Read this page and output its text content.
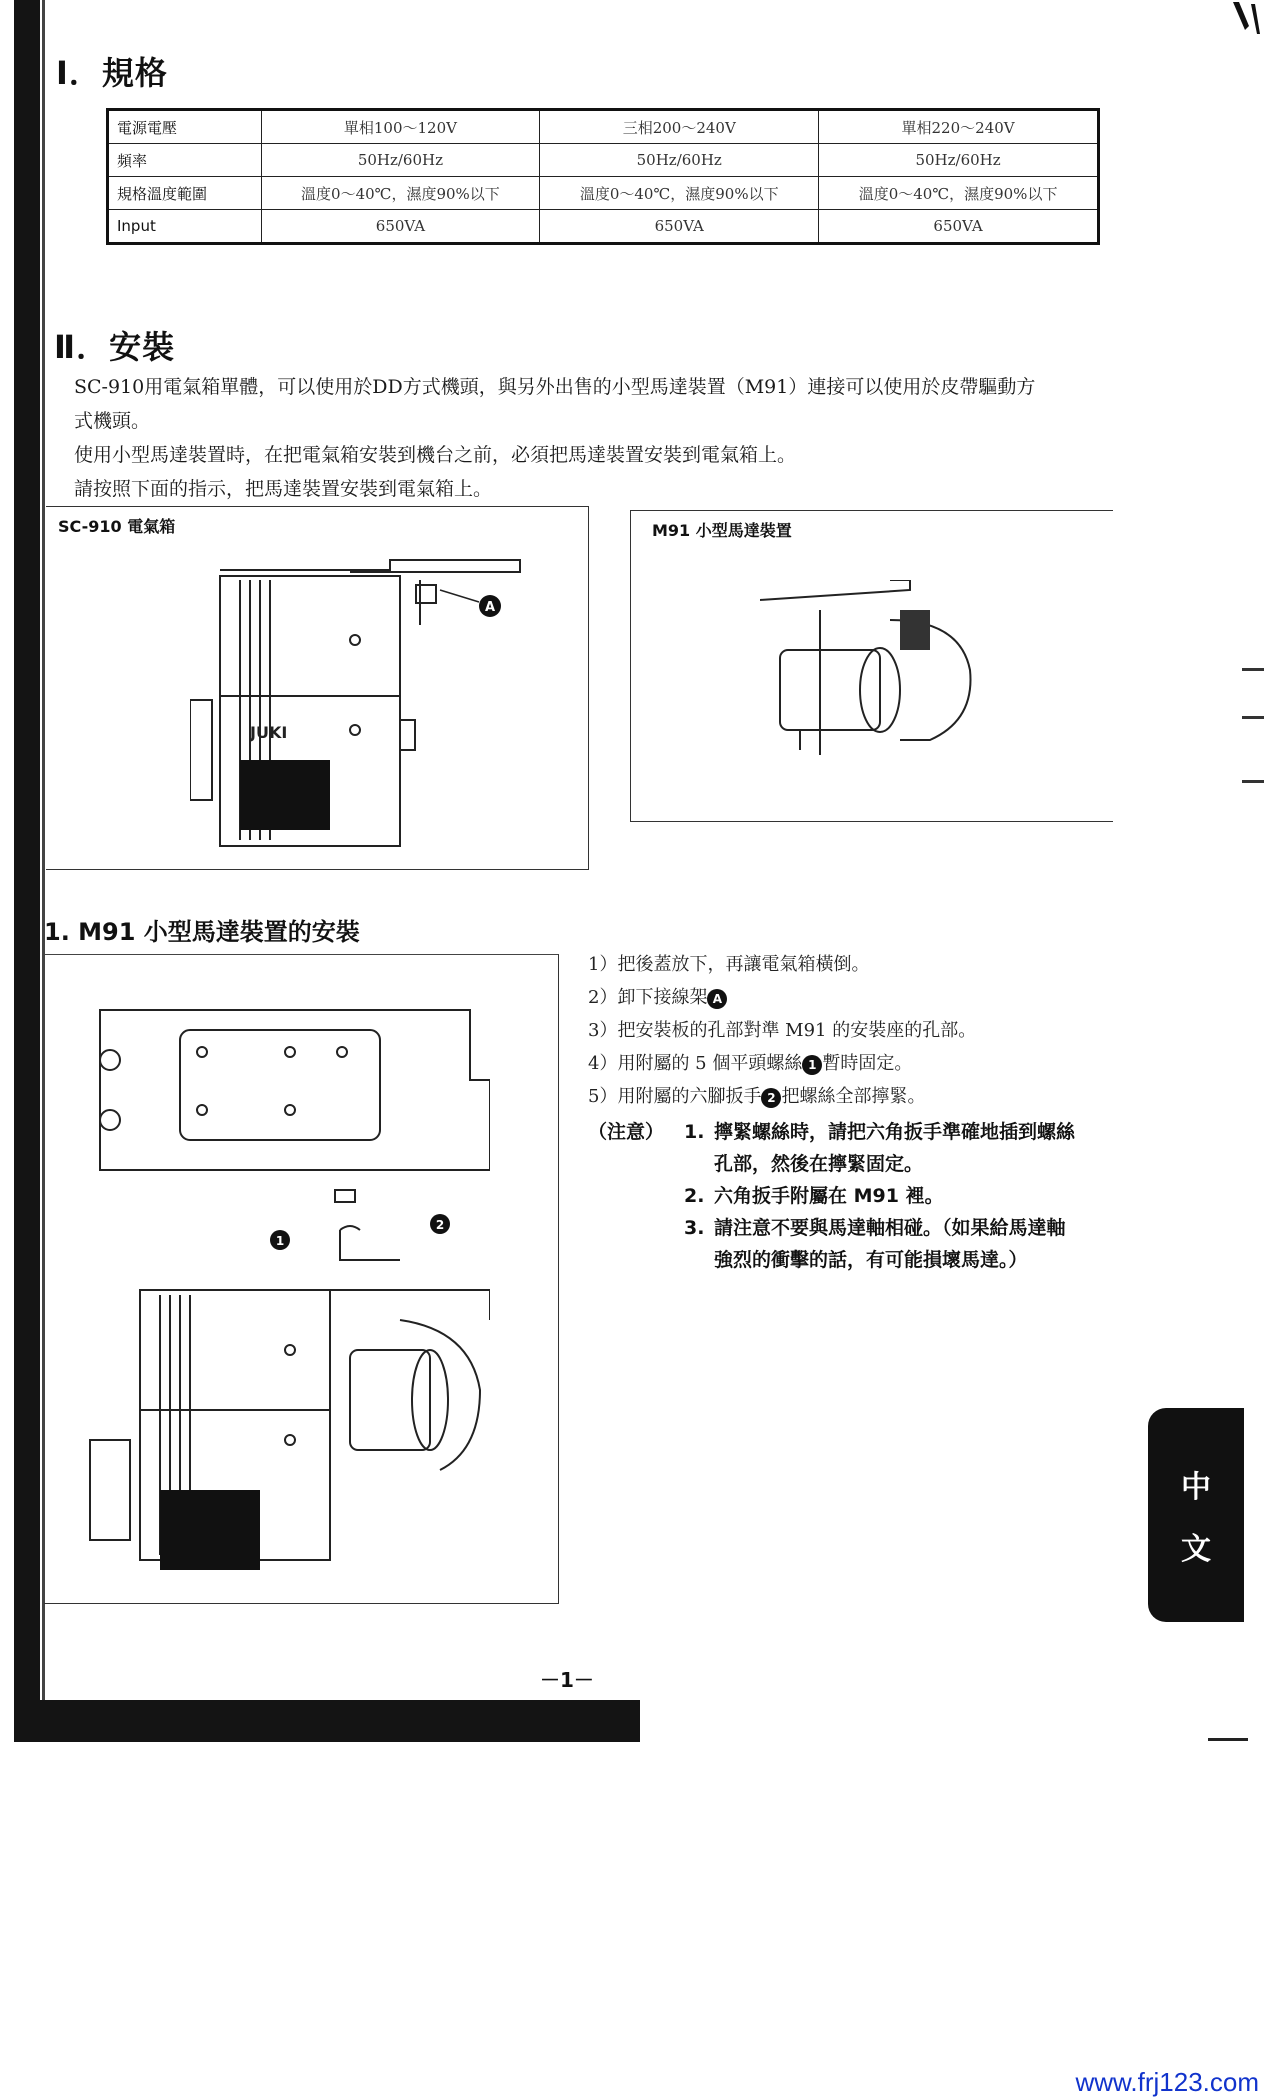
I．規格
電源電壓	單相100～120V	三相200～240V	單相220～240V
頻率	50Hz/60Hz	50Hz/60Hz	50Hz/60Hz
規格溫度範圍	溫度0～40℃，濕度90%以下	溫度0～40℃，濕度90%以下	溫度0～40℃，濕度90%以下
Input	650VA	650VA	650VA
Ⅱ．安裝
SC-910用電氣箱單體，可以使用於DD方式機頭，與另外出售的小型馬達裝置（M91）連接可以使用於皮帶驅動方
式機頭。
使用小型馬達裝置時，在把電氣箱安裝到機台之前，必須把馬達裝置安裝到電氣箱上。
請按照下面的指示，把馬達裝置安裝到電氣箱上。
SC-910 電氣箱
JUKI
A
M91 小型馬達裝置
1. M91 小型馬達裝置的安裝
1
2
1）把後蓋放下，再讓電氣箱橫倒。
2）卸下接線架 A
3）把安裝板的孔部對準 M91 的安裝座的孔部。
4）用附屬的 5 個平頭螺絲 1 暫時固定。
5）用附屬的六腳扳手 2 把螺絲全部擰緊。
（注意）	1. 擰緊螺絲時，請把六角扳手準確地插到螺絲
孔部，然後在擰緊固定。
2. 六角扳手附屬在 M91 裡。
3. 請注意不要與馬達軸相碰。（如果給馬達軸
強烈的衝擊的話，有可能損壞馬達。）
－1－
中
文
www.frj123.com
